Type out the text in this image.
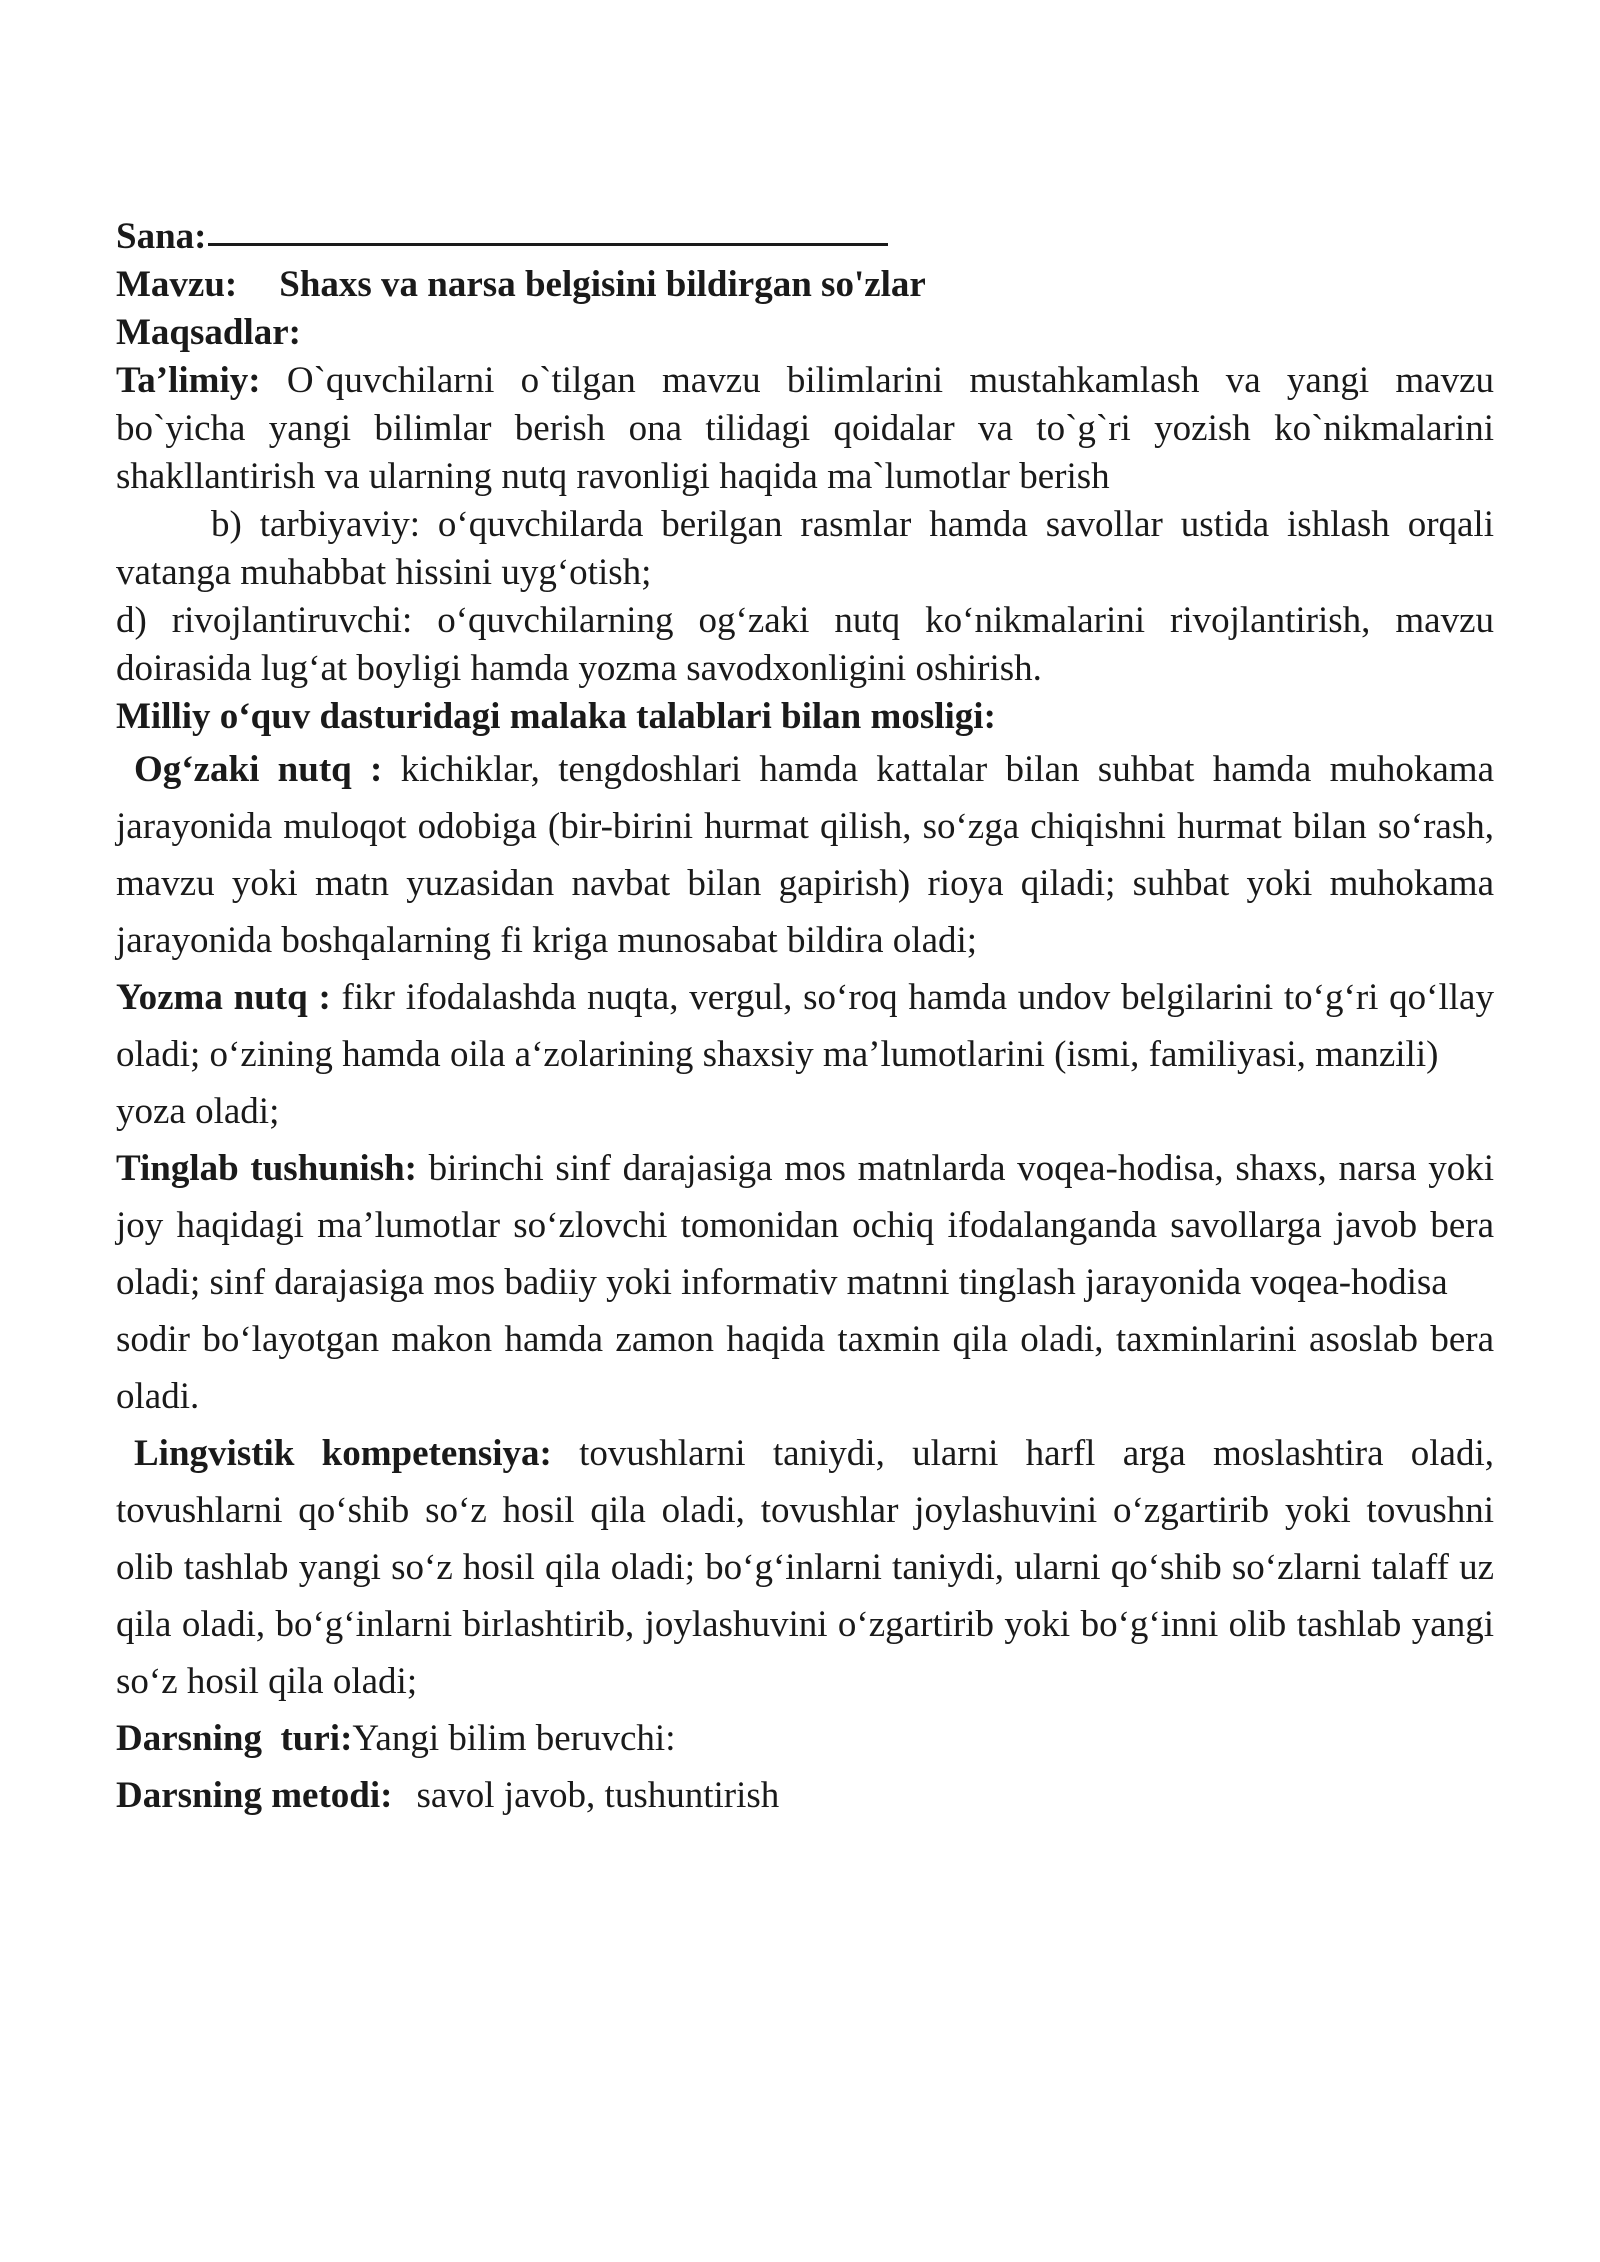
Sana:

Mavzu: Shaxs va narsa belgisini bildirgan so'zlar

Maqsadlar:

Ta’limiy: O`quvchilarni o`tilgan mavzu bilimlarini mustahkamlash va yangi mavzu bo`yicha yangi bilimlar berish ona tilidagi qoidalar va to`g`ri yozish ko`nikmalarini shakllantirish va ularning nutq ravonligi haqida ma`lumotlar berish

b) tarbiyaviy: o‘quvchilarda berilgan rasmlar hamda savollar ustida ishlash orqali vatanga muhabbat hissini uyg‘otish;

d) rivojlantiruvchi: o‘quvchilarning og‘zaki nutq ko‘nikmalarini rivojlantirish, mavzu doirasida lug‘at boyligi hamda yozma savodxonligini oshirish.

Milliy o‘quv dasturidagi malaka talablari bilan mosligi:

Og‘zaki nutq : kichiklar, tengdoshlari hamda kattalar bilan suhbat hamda muhokama jarayonida muloqot odobiga (bir-birini hurmat qilish, so‘zga chiqishni hurmat bilan so‘rash, mavzu yoki matn yuzasidan navbat bilan gapirish) rioya qiladi; suhbat yoki muhokama jarayonida boshqalarning fi kriga munosabat bildira oladi;

Yozma nutq : fikr ifodalashda nuqta, vergul, so‘roq hamda undov belgilarini to‘g‘ri qo‘llay oladi; o‘zining hamda oila a‘zolarining shaxsiy ma’lumotlarini (ismi, familiyasi, manzili)

yoza oladi;

Tinglab tushunish: birinchi sinf darajasiga mos matnlarda voqea-hodisa, shaxs, narsa yoki joy haqidagi ma’lumotlar so‘zlovchi tomonidan ochiq ifodalanganda savollarga javob bera oladi; sinf darajasiga mos badiiy yoki informativ matnni tinglash jarayonida voqea-hodisa

sodir bo‘layotgan makon hamda zamon haqida taxmin qila oladi, taxminlarini asoslab bera oladi.

Lingvistik kompetensiya: tovushlarni taniydi, ularni harfl arga moslashtira oladi, tovushlarni qo‘shib so‘z hosil qila oladi, tovushlar joylashuvini o‘zgartirib yoki tovushni olib tashlab yangi so‘z hosil qila oladi; bo‘g‘inlarni taniydi, ularni qo‘shib so‘zlarni talaff uz qila oladi, bo‘g‘inlarni birlashtirib, joylashuvini o‘zgartirib yoki bo‘g‘inni olib tashlab yangi so‘z hosil qila oladi;

Darsning  turi:Yangi bilim beruvchi:

Darsning metodi: savol javob, tushuntirish
